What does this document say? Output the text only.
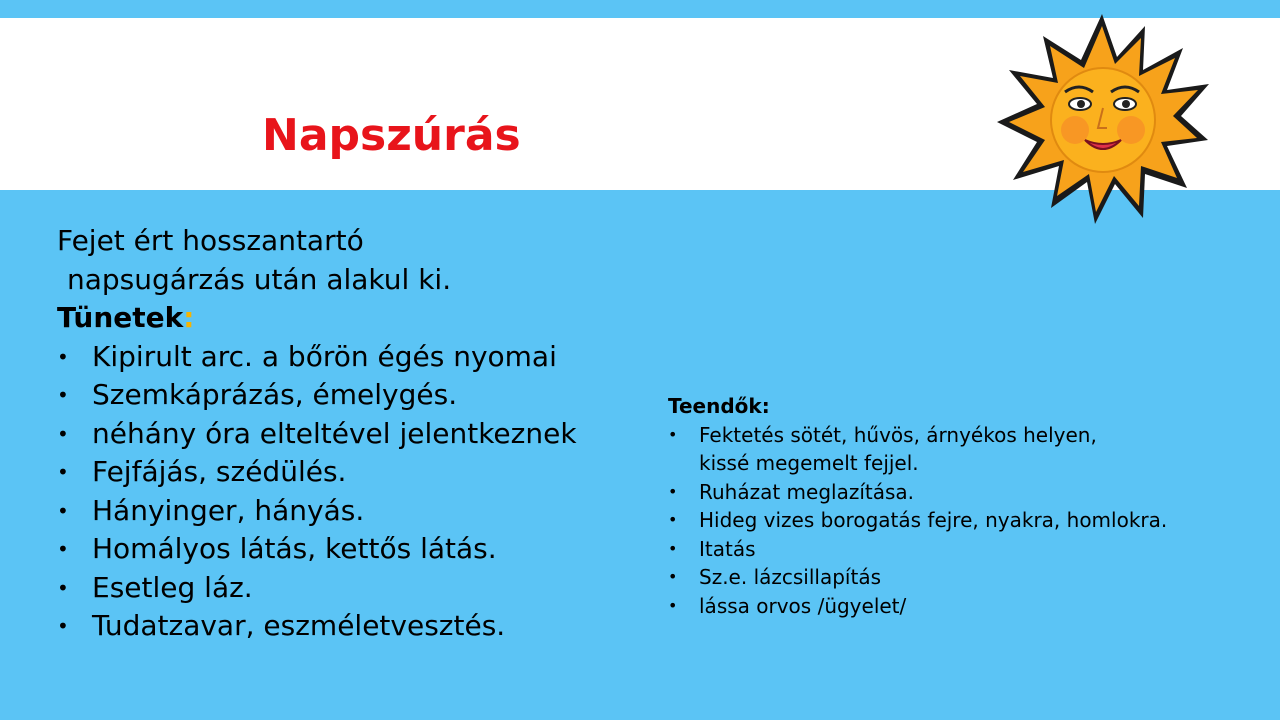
Napszúrás

Fejet ért hosszantartó

napsugárzás után alakul ki.

Tünetek:

• Kipirult arc. a bőrön égés nyomai
• Szemkáprázás, émelygés.
• néhány óra elteltével jelentkeznek
• Fejfájás, szédülés.
• Hányinger, hányás.
• Homályos látás, kettős látás.
• Esetleg láz.
• Tudatzavar, eszméletvesztés.

Teendők:

• Fektetés sötét, hűvös, árnyékos helyen,
kissé megemelt fejjel.
• Ruházat meglazítása.
• Hideg vizes borogatás fejre, nyakra, homlokra.
• Itatás
• Sz.e. lázcsillapítás
• lássa orvos /ügyelet/
